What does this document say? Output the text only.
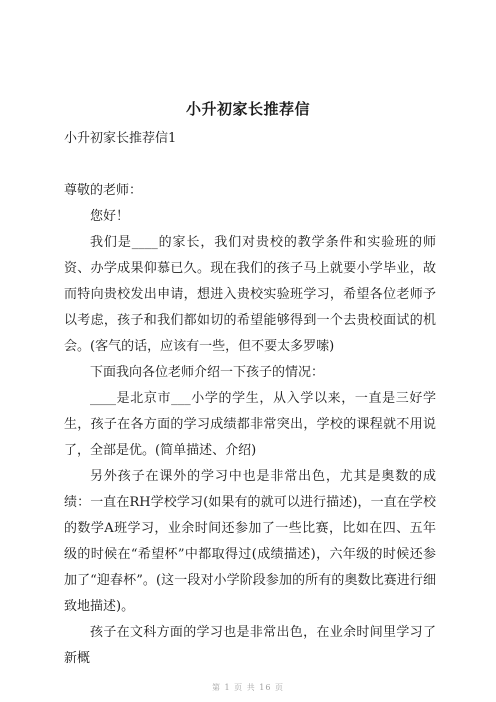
小升初家长推荐信

小升初家长推荐信1

尊敬的老师：

您好！

我们是____的家长，我们对贵校的教学条件和实验班的师资、办学成果仰慕已久。现在我们的孩子马上就要小学毕业，故而特向贵校发出申请，想进入贵校实验班学习，希望各位老师予以考虑，孩子和我们都如切的希望能够得到一个去贵校面试的机会。(客气的话，应该有一些，但不要太多罗嗦)

下面我向各位老师介绍一下孩子的情况：

____是北京市___小学的学生，从入学以来，一直是三好学生，孩子在各方面的学习成绩都非常突出，学校的课程就不用说了，全部是优。(简单描述、介绍)

另外孩子在课外的学习中也是非常出色，尤其是奥数的成绩：一直在RH学校学习(如果有的就可以进行描述)，一直在学校的数学A班学习，业余时间还参加了一些比赛，比如在四、五年级的时候在“希望杯”中都取得过(成绩描述)，六年级的时候还参加了“迎春杯”。(这一段对小学阶段参加的所有的奥数比赛进行细致地描述)。

孩子在文科方面的学习也是非常出色，在业余时间里学习了新概

第 1 页 共 16 页
